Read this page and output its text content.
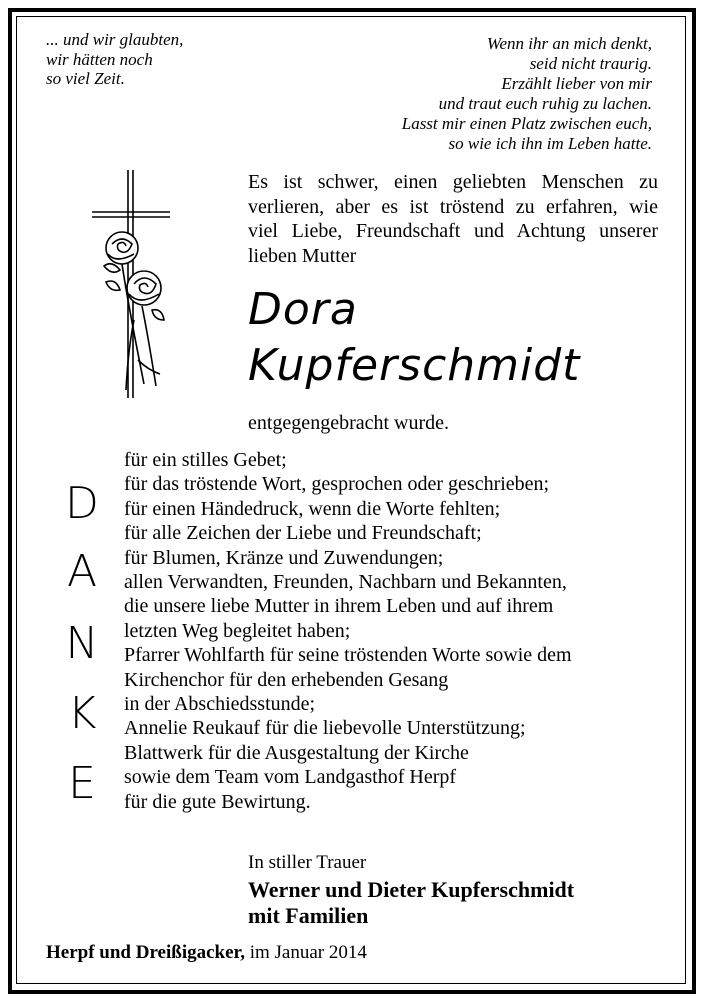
... und wir glaubten,
wir hätten noch
so viel Zeit.
Wenn ihr an mich denkt,
seid nicht traurig.
Erzählt lieber von mir
und traut euch ruhig zu lachen.
Lasst mir einen Platz zwischen euch,
so wie ich ihn im Leben hatte.
Es ist schwer, einen geliebten Menschen zu
verlieren, aber es ist tröstend zu erfahren, wie
viel Liebe, Freundschaft und Achtung unserer
lieben Mutter
Dora
Kupferschmidt
entgegengebracht wurde.
D
A
N
K
E
für ein stilles Gebet;
für das tröstende Wort, gesprochen oder geschrieben;
für einen Händedruck, wenn die Worte fehlten;
für alle Zeichen der Liebe und Freundschaft;
für Blumen, Kränze und Zuwendungen;
allen Verwandten, Freunden, Nachbarn und Bekannten,
die unsere liebe Mutter in ihrem Leben und auf ihrem
letzten Weg begleitet haben;
Pfarrer Wohlfarth für seine tröstenden Worte sowie dem
Kirchenchor für den erhebenden Gesang
in der Abschiedsstunde;
Annelie Reukauf für die liebevolle Unterstützung;
Blattwerk für die Ausgestaltung der Kirche
sowie dem Team vom Landgasthof Herpf
für die gute Bewirtung.
In stiller Trauer
Werner und Dieter Kupferschmidt
mit Familien
Herpf und Dreißigacker, im Januar 2014
